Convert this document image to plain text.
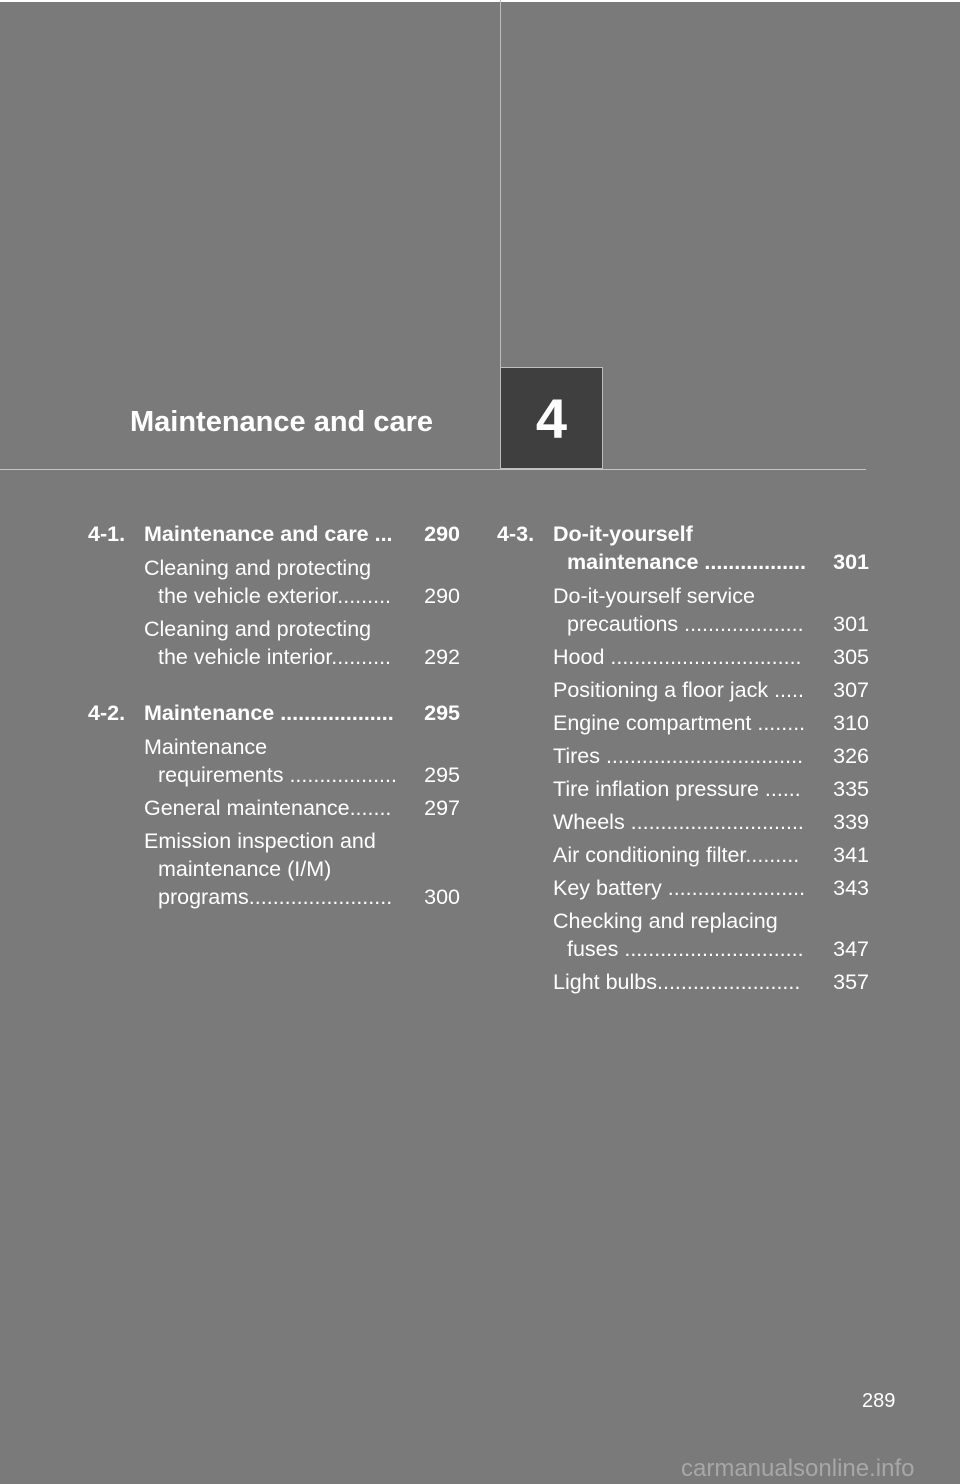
Maintenance and care 4
4-1. Maintenance and care ... 290
Cleaning and protecting
the vehicle exterior......... 290
Cleaning and protecting
the vehicle interior.......... 292
4-2. Maintenance ................... 295
Maintenance
requirements .................. 295
General maintenance....... 297
Emission inspection and
maintenance (I/M)
programs........................ 300
4-3. Do-it-yourself
maintenance ................. 301
Do-it-yourself service
precautions .................... 301
Hood ................................ 305
Positioning a floor jack ..... 307
Engine compartment ........ 310
Tires ................................. 326
Tire inflation pressure ...... 335
Wheels ............................. 339
Air conditioning filter......... 341
Key battery ....................... 343
Checking and replacing
fuses .............................. 347
Light bulbs........................ 357
289
carmanualsonline.info
